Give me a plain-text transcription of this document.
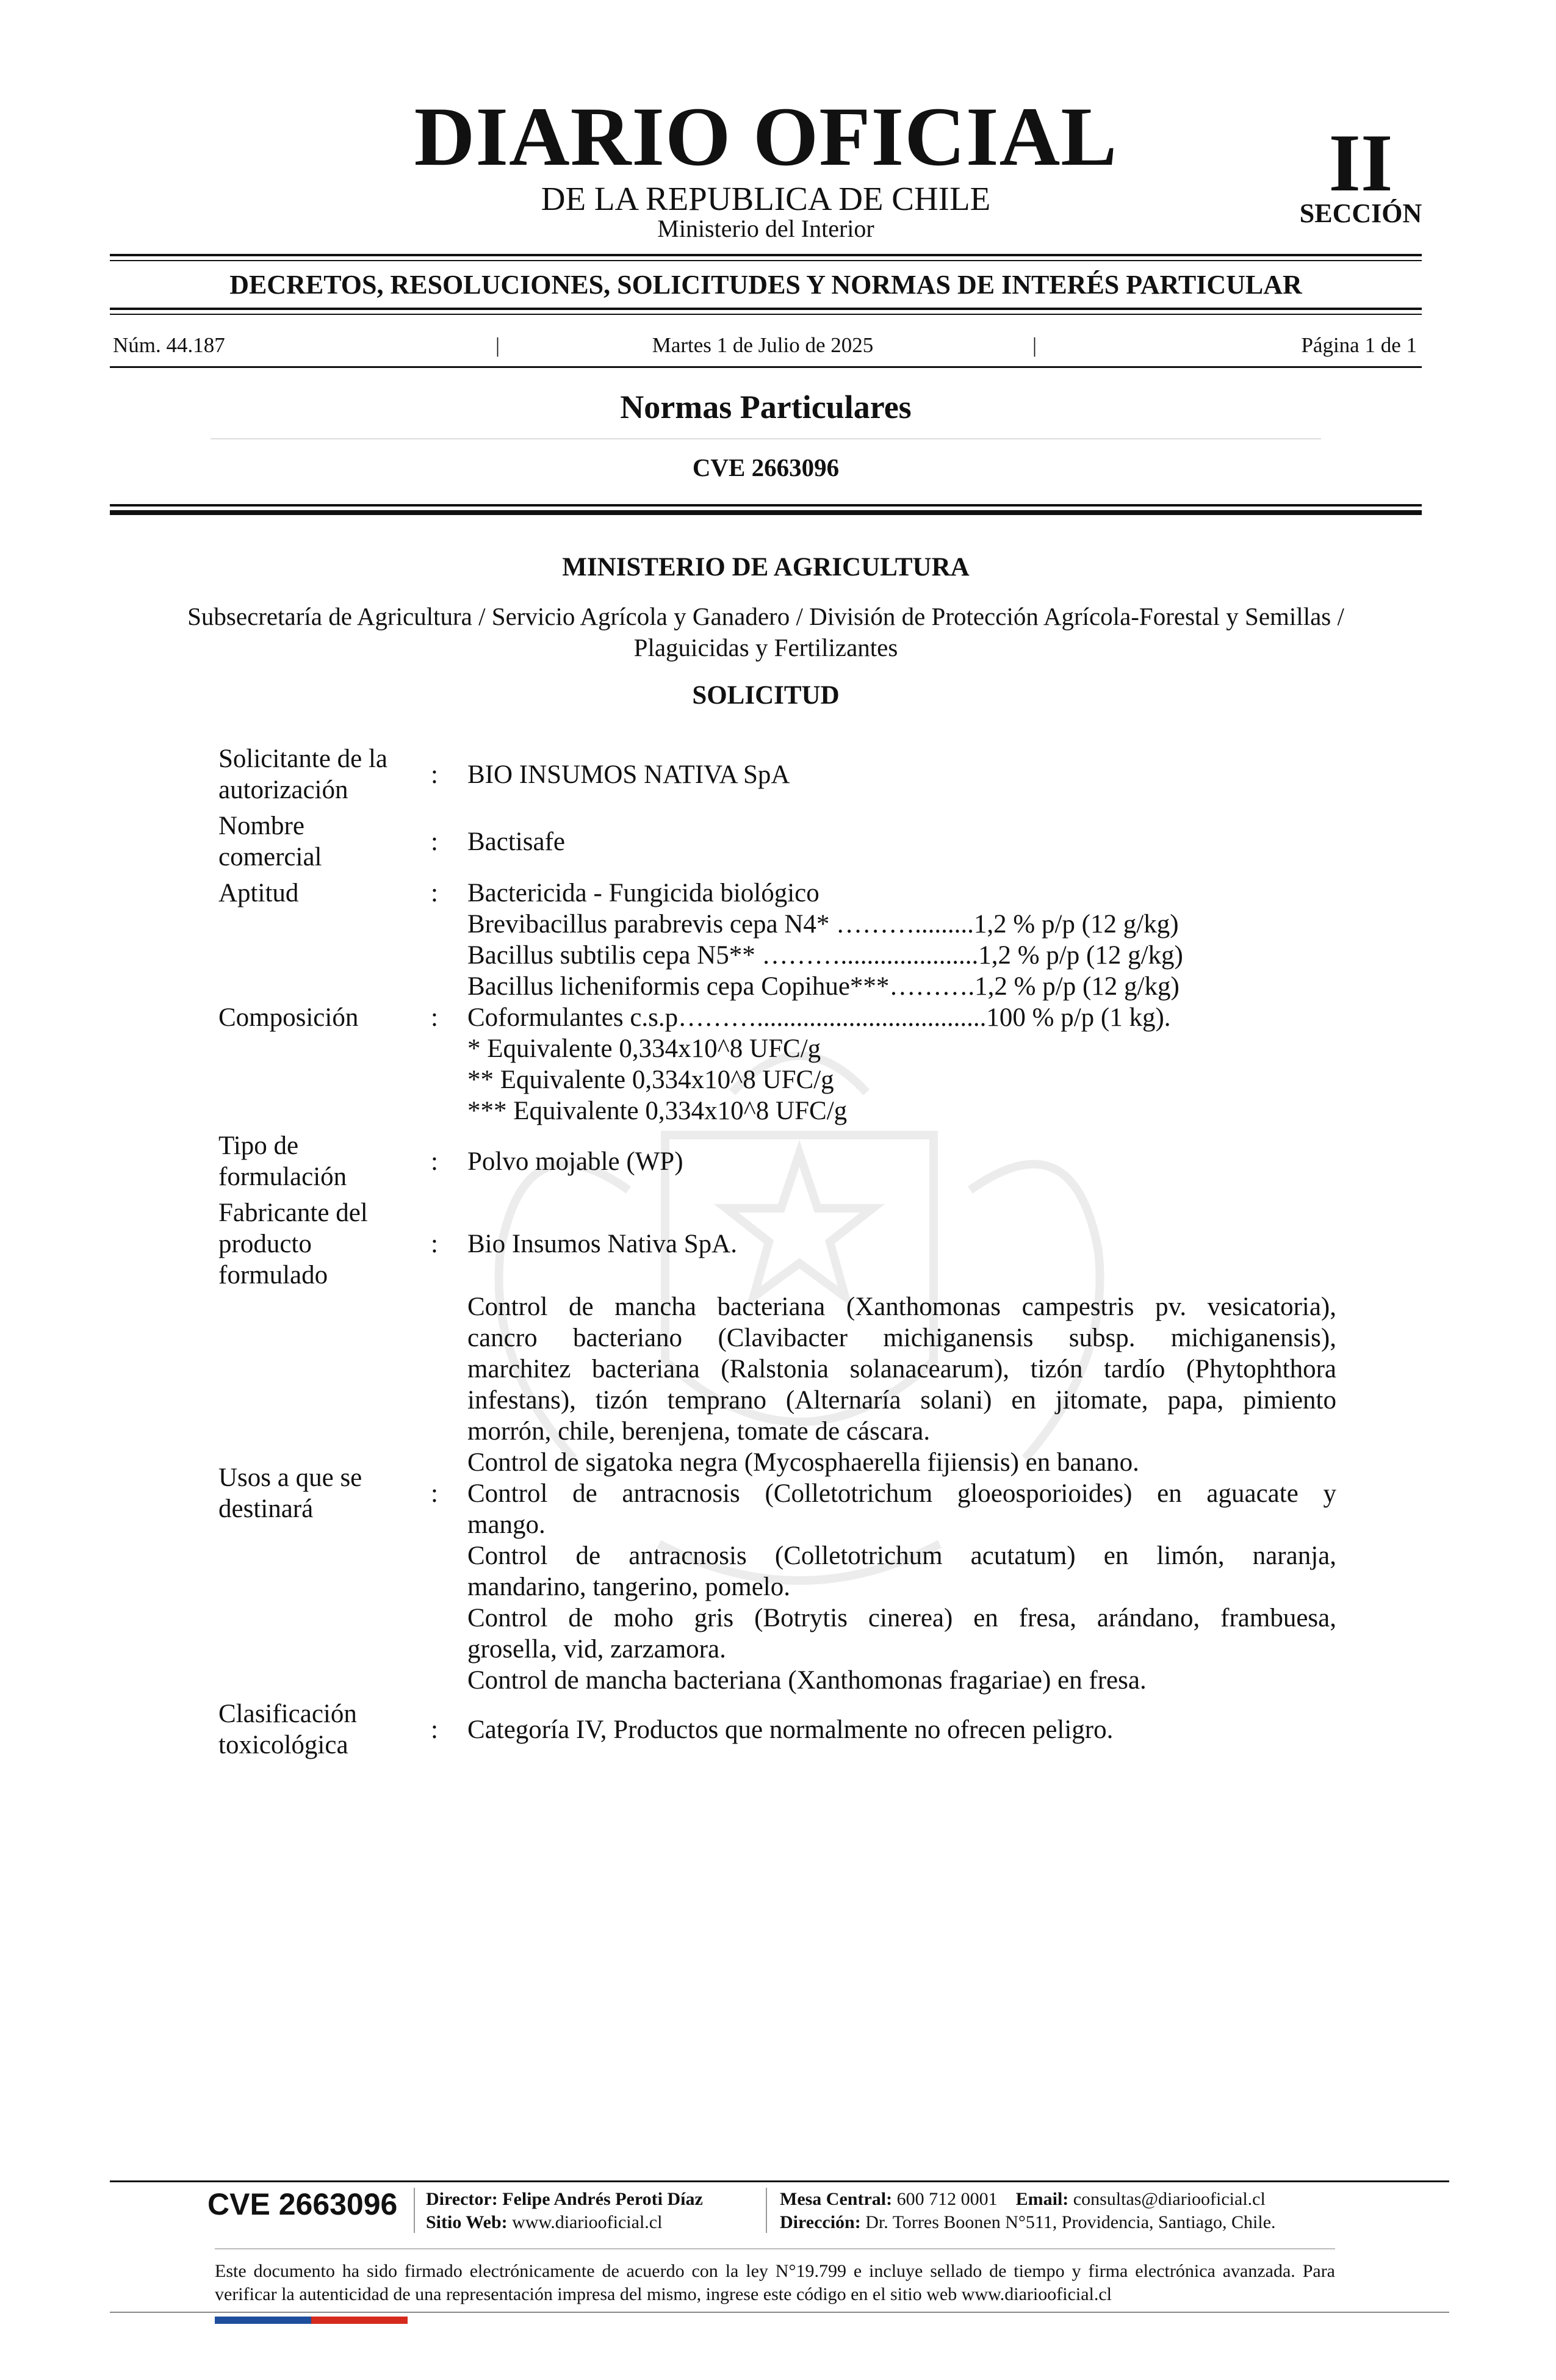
DIARIO OFICIAL
DE LA REPUBLICA DE CHILE
Ministerio del Interior
II
SECCIÓN
DECRETOS, RESOLUCIONES, SOLICITUDES Y NORMAS DE INTERÉS PARTICULAR
Núm. 44.187	|	Martes 1 de Julio de 2025	|	Página 1 de 1
Normas Particulares
CVE 2663096
MINISTERIO DE AGRICULTURA
Subsecretaría de Agricultura / Servicio Agrícola y Ganadero / División de Protección Agrícola-Forestal y Semillas /
Plaguicidas y Fertilizantes
SOLICITUD
Solicitante de la
autorización
: BIO INSUMOS NATIVA SpA
Nombre
comercial
: Bactisafe
Aptitud	: Bactericida - Fungicida biológico
Composición	:
Brevibacillus parabrevis cepa N4* ……….........1,2 % p/p (12 g/kg)
Bacillus subtilis cepa N5** ……….....................1,2 % p/p (12 g/kg)
Bacillus licheniformis cepa Copihue***……….1,2 % p/p (12 g/kg)
Coformulantes c.s.p………...................................100 % p/p (1 kg).
* Equivalente 0,334x10^8 UFC/g
** Equivalente 0,334x10^8 UFC/g
*** Equivalente 0,334x10^8 UFC/g
Tipo de
formulación
: Polvo mojable (WP)
Fabricante del
producto
formulado
: Bio Insumos Nativa SpA.
Usos a que se
destinará
:
Control de mancha bacteriana (Xanthomonas campestris pv. vesicatoria),
cancro bacteriano (Clavibacter michiganensis subsp. michiganensis),
marchitez bacteriana (Ralstonia solanacearum), tizón tardío (Phytophthora
infestans), tizón temprano (Alternaría solani) en jitomate, papa, pimiento
morrón, chile, berenjena, tomate de cáscara.
Control de sigatoka negra (Mycosphaerella fijiensis) en banano.
Control de antracnosis (Colletotrichum gloeosporioides) en aguacate y
mango.
Control de antracnosis (Colletotrichum acutatum) en limón, naranja,
mandarino, tangerino, pomelo.
Control de moho gris (Botrytis cinerea) en fresa, arándano, frambuesa,
grosella, vid, zarzamora.
Control de mancha bacteriana (Xanthomonas fragariae) en fresa.
Clasificación
toxicológica
: Categoría IV, Productos que normalmente no ofrecen peligro.
CVE 2663096 Director: Felipe Andrés Peroti Díaz
Sitio Web: www.diariooficial.cl
Mesa Central: 600 712 0001 Email: consultas@diariooficial.cl
Dirección: Dr. Torres Boonen N°511, Providencia, Santiago, Chile.
Este documento ha sido firmado electrónicamente de acuerdo con la ley N°19.799 e incluye sellado de tiempo y firma electrónica avanzada. Para verificar la autenticidad de una representación impresa del mismo, ingrese este código en el sitio web www.diariooficial.cl
